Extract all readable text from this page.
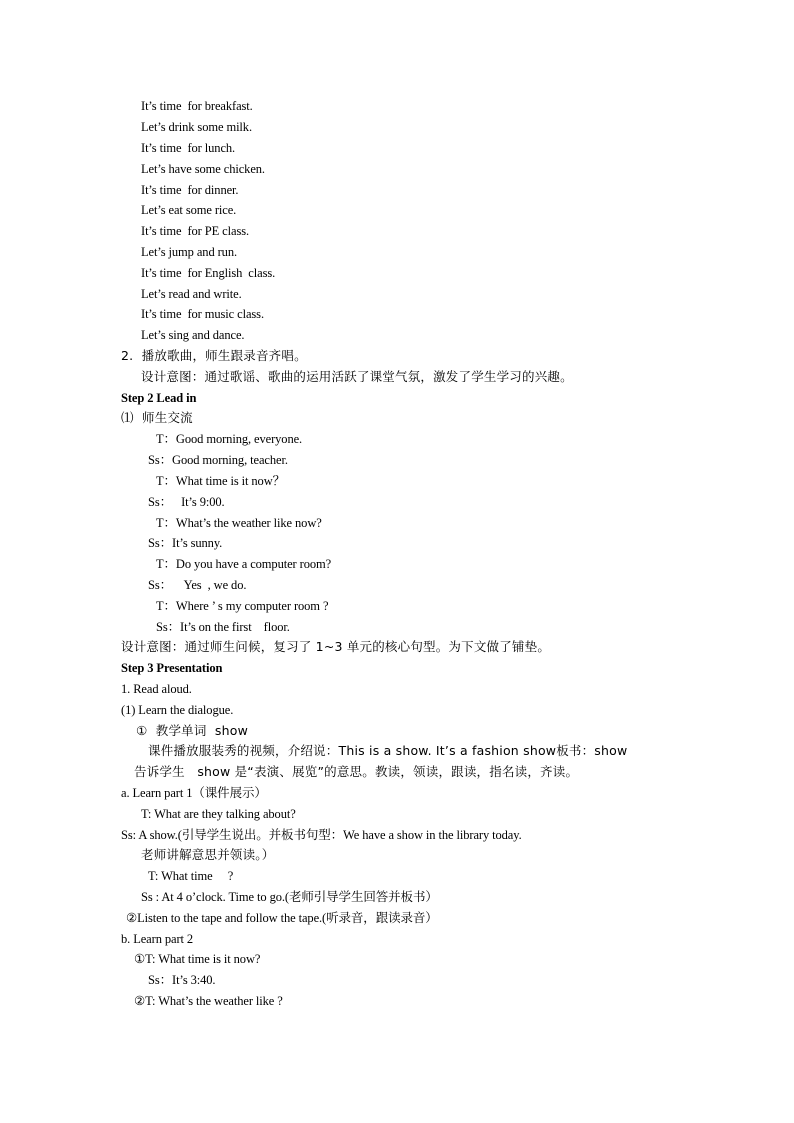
It’s time  for breakfast.
Let’s drink some milk.
It’s time  for lunch.
Let’s have some chicken.
It’s time  for dinner.
Let’s eat some rice.
It’s time  for PE class.
Let’s jump and run.
It’s time  for English  class.
Let’s read and write.
It’s time  for music class.
Let’s sing and dance.
2.  播放歌曲，师生跟录音齐唱。
设计意图：通过歌谣、歌曲的运用活跃了课堂气氛，激发了学生学习的兴趣。
Step 2 Lead in
⑴  师生交流
T：Good morning, everyone.
Ss：Good morning, teacher.
T：What time is it now？
Ss：   It’s 9:00.
T：What’s the weather like now?
Ss：It’s sunny.
T：Do you have a computer room?
Ss：    Yes  , we do.
T：Where ’ s my computer room ?
Ss：It’s on the first    floor.
设计意图：通过师生问候，复习了 1~3 单元的核心句型。为下文做了铺垫。
Step 3 Presentation
1. Read aloud.
(1) Learn the dialogue.
①  教学单词  show
课件播放服装秀的视频，介绍说：This is a show. It’s a fashion show板书：show
告诉学生   show 是“表演、展览”的意思。教读，领读，跟读，指名读，齐读。
a. Learn part 1（课件展示）
T: What are they talking about?
Ss: A show.(引导学生说出。并板书句型：We have a show in the library today.
老师讲解意思并领读。）
T: What time     ?
Ss : At 4 o’clock. Time to go.(老师引导学生回答并板书）
②Listen to the tape and follow the tape.(听录音，跟读录音）
b. Learn part 2
①T: What time is it now?
Ss：It’s 3:40.
②T: What’s the weather like ?
